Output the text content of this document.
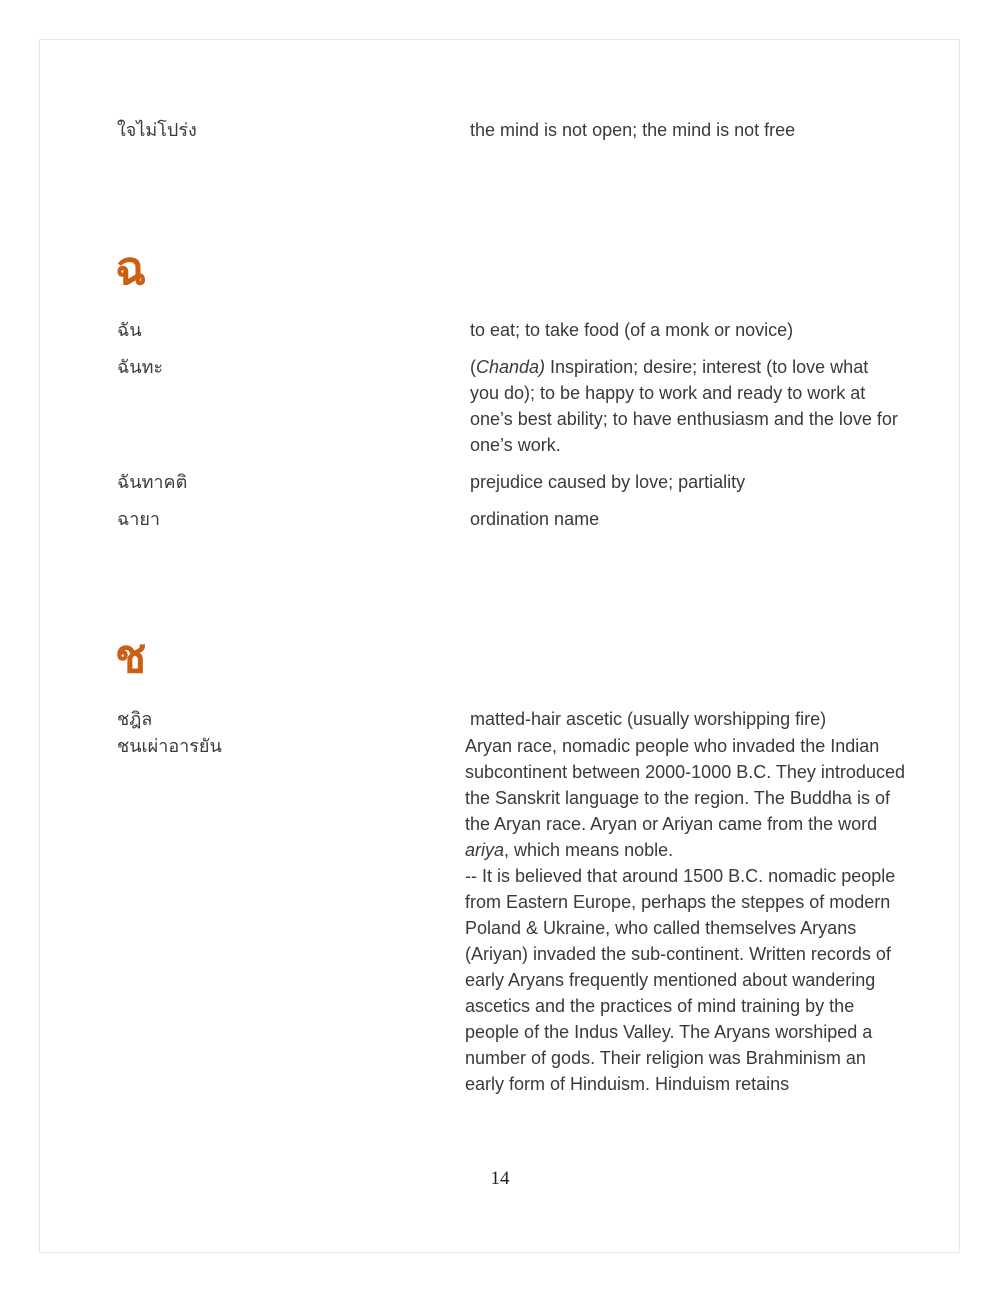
ใจไม่โปร่ง	the mind is not open; the mind is not free
ฉ
ฉัน	to eat; to take food (of a monk or novice)
ฉันทะ	(Chanda) Inspiration; desire; interest (to love what you do); to be happy to work and ready to work at one’s best ability; to have enthusiasm and the love for one’s work.
ฉันทาคติ	prejudice caused by love; partiality
ฉายา	ordination name
ช
ชฎิล	matted-hair ascetic (usually worshipping fire)
ชนเผ่าอารยัน	Aryan race, nomadic people who invaded the Indian subcontinent between 2000-1000 B.C. They introduced the Sanskrit language to the region. The Buddha is of the Aryan race. Aryan or Ariyan came from the word ariya, which means noble.

-- It is believed that around 1500 B.C. nomadic people from Eastern Europe, perhaps the steppes of modern Poland & Ukraine, who called themselves Aryans (Ariyan) invaded the sub-continent. Written records of early Aryans frequently mentioned about wandering ascetics and the practices of mind training by the people of the Indus Valley. The Aryans worshiped a number of gods. Their religion was Brahminism an early form of Hinduism. Hinduism retains

14
